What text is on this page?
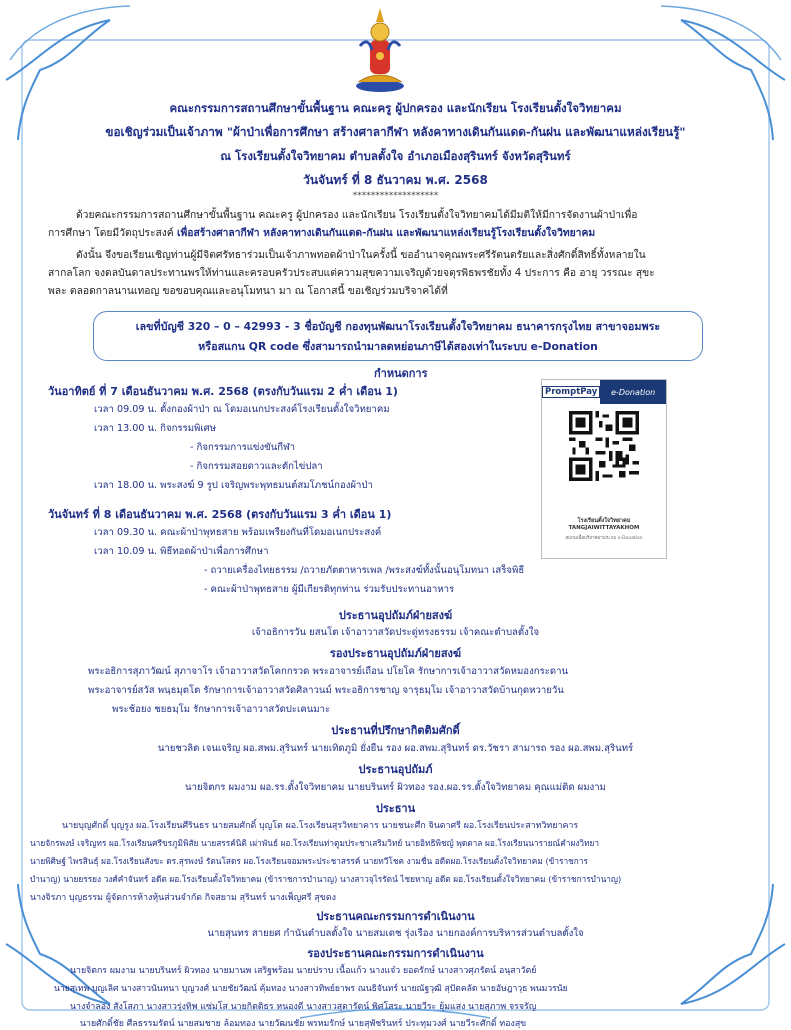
คณะกรรมการสถานศึกษาขั้นพื้นฐาน คณะครู ผู้ปกครอง และนักเรียน โรงเรียนตั้งใจวิทยาคม
ขอเชิญร่วมเป็นเจ้าภาพ "ผ้าป่าเพื่อการศึกษา สร้างศาลากีฬา หลังคาทางเดินกันแดด-กันฝน และพัฒนาแหล่งเรียนรู้"
ณ โรงเรียนตั้งใจวิทยาคม ตำบลตั้งใจ อำเภอเมืองสุรินทร์ จังหวัดสุรินทร์
วันจันทร์ ที่ 8 ธันวาคม พ.ศ. 2568
*******************
ด้วยคณะกรรมการสถานศึกษาขั้นพื้นฐาน คณะครู ผู้ปกครอง และนักเรียน โรงเรียนตั้งใจวิทยาคมได้มีมติให้มีการจัดงานผ้าป่าเพื่อ
การศึกษา โดยมีวัตถุประสงค์ เพื่อสร้างศาลากีฬา หลังคาทางเดินกันแดด-กันฝน และพัฒนาแหล่งเรียนรู้โรงเรียนตั้งใจวิทยาคม
ดังนั้น จึงขอเรียนเชิญท่านผู้มีจิตศรัทธาร่วมเป็นเจ้าภาพทอดผ้าป่าในครั้งนี้ ขออำนาจคุณพระศรีรัตนตรัยและสิ่งศักดิ์สิทธิ์ทั้งหลายใน
สากลโลก จงดลบันดาลประทานพรให้ท่านและครอบครัวประสบแต่ความสุขความเจริญด้วยจตุรพิธพรชัยทั้ง 4 ประการ คือ อายุ วรรณะ สุขะ
พละ ตลอดกาลนานเทอญ ขอขอบคุณและอนุโมทนา มา ณ โอกาสนี้ ขอเชิญร่วมบริจาคได้ที่
เลขที่บัญชี 320 – 0 – 42993 - 3 ชื่อบัญชี กองทุนพัฒนาโรงเรียนตั้งใจวิทยาคม ธนาคารกรุงไทย สาขาจอมพระ
หรือสแกน QR code ซึ่งสามารถนำมาลดหย่อนภาษีได้สองเท่าในระบบ e-Donation
กำหนดการ
วันอาทิตย์ ที่ 7 เดือนธันวาคม พ.ศ. 2568 (ตรงกับวันแรม 2 ค่ำ เดือน 1)
เวลา 09.09 น. ตั้งกองผ้าป่า ณ โดมอเนกประสงค์โรงเรียนตั้งใจวิทยาคม
เวลา 13.00 น. กิจกรรมพิเศษ
- กิจกรรมการแข่งขันกีฬา
- กิจกรรมสอยดาวและตักไข่ปลา
เวลา 18.00 น. พระสงฆ์ 9 รูป เจริญพระพุทธมนต์สมโภชน์กองผ้าป่า
วันจันทร์ ที่ 8 เดือนธันวาคม พ.ศ. 2568 (ตรงกับวันแรม 3 ค่ำ เดือน 1)
เวลา 09.30 น. คณะผ้าป่าพุทธสาย พร้อมเพรียงกันที่โดมอเนกประสงค์
เวลา 10.09 น. พิธีทอดผ้าป่าเพื่อการศึกษา
- ถวายเครื่องไทยธรรม /ถวายภัตตาหารเพล /พระสงฆ์ทั้งนั้นอนุโมทนา เสร็จพิธี
- คณะผ้าป่าพุทธสาย ผู้มีเกียรติทุกท่าน ร่วมรับประทานอาหาร
PromptPay	e-Donation
โรงเรียนตั้งใจวิทยาคม
TANGJAIWITTAYAKHOM
สแกนเพื่อบริจาคผ่านระบบ e-Donation
ประธานอุปถัมภ์ฝ่ายสงฆ์
เจ้าอธิการวัน ยสนโต เจ้าอาวาสวัดประดู่ทรงธรรม เจ้าคณะตำบลตั้งใจ
รองประธานอุปถัมภ์ฝ่ายสงฆ์
พระอธิการสุภาวัฒน์ สุภาจาโร เจ้าอาวาสวัดโคกกรวด พระอาจารย์เถือน ปโยโค รักษาการเจ้าอาวาสวัดหมองกระดาน
พระอาจารย์สวัส พนฺธมุตโต รักษาการเจ้าอาวาสวัดศิลาวนม์ พระอธิการชาญ จารุธมฺโม เจ้าอาวาสวัดบ้านกุดหวายวัน
พระช้อยง ชยธมฺโม รักษาการเจ้าอาวาสวัดปะเคนมาะ
ประธานที่ปรึกษากิตติมศักดิ์
นายชวลิต เจนเจริญ ผอ.สพม.สุรินทร์ นายเทิดภูมิ ยั่งยืน รอง ผอ.สพม.สุรินทร์ ดร.วัชรา สามารถ รอง ผอ.สพม.สุรินทร์
ประธานอุปถัมภ์
นายจิตกร ผมงาม ผอ.รร.ตั้งใจวิทยาคม นายบรินทร์ ผิวทอง รอง.ผอ.รร.ตั้งใจวิทยาคม คุณแม่ติด ผมงาม
ประธาน
นายบุญศักดิ์ บุญรูง ผอ.โรงเรียนศีรินธร นายสมศักดิ์ บุญโต ผอ.โรงเรียนสุรวิทยาคาร นายชนะศึก จินดาศรี ผอ.โรงเรียนประสาทวิทยาคาร
นายจักรพงษ์ เจริญทร ผอ.โรงเรียนศรีขรภูมิพิสัย นายสรรค์นิติ เผ่าพันธ์ ผอ.โรงเรียนท่าตูมประชาเสริมวิทย์ นายอิทธิพิชญ์ พุดตาล ผอ.โรงเรียนนารายณ์คำผงวิทยา
นายพิศิษฐ์ ไพรสินธุ์ ผอ.โรงเรียนสังขะ ดร.สุรพงษ์ รัตนโสดร ผอ.โรงเรียนจอมพระประชาสรรค์ นายทวีโชค งามชื่น อดีตผอ.โรงเรียนตั้งใจวิทยาคม (ข้าราชการ
บำนาญ) นายยรรยง วงศ์คำจันทร์ อดีต ผอ.โรงเรียนตั้งใจวิทยาคม (ข้าราชการบำนาญ) นางสาวจุไรรัตน์ ไชยหาญ อดีต ผอ.โรงเรียนตั้งใจวิทยาคม (ข้าราชการบำนาญ)
นางจิรภา บุญธรรม ผู้จัดการห้างหุ้นส่วนจำกัด กิจสยาม สุรินทร์ นางเพ็ญศรี สุขดง
ประธานคณะกรรมการดำเนินงาน
นายสุนทร สายยศ กำนันตำบลตั้งใจ นายสมเดช รุ่งเรือง นายกองค์การบริหารส่วนตำบลตั้งใจ
รองประธานคณะกรรมการดำเนินงาน
นายจิตกร ผมงาม นายบรินทร์ ผิวทอง นายมานพ เสริฐพร้อม นายปราบ เนื้อแก้ว นางแจ๋ว ยอดรักษ์ นางสาวศุภรัตน์ อนุสาวัตย์
นายสุเทพ บุญเลิศ นางสาวนันทนา บุญวงศ์ นายชัยวัฒน์ คุ้มทอง นางสาวทิพย์ยาพร ณนธิจันทร์ นายณัฐวุฒิ สุปัตคลัด นายอัษฎาวุธ พนมวรนัย
นางจำลอง สังโสภา นางสาวรุ่งทิพ แซ่มโส นายกิตติธร หนองดี นางสาวสุดารัตน์ พิศโสระ นายวีระ ยุ้มแสง นายสุภาพ จรจรัญ
นายศักดิ์ชัย ศีลธรรมรัตน์ นายสมชาย ล้อมทอง นายวัฒนชัย พรหมรักษ์ นายสุพัชรินทร์ ประทุมวงศ์ นายวีระศักดิ์ ทองสุข
